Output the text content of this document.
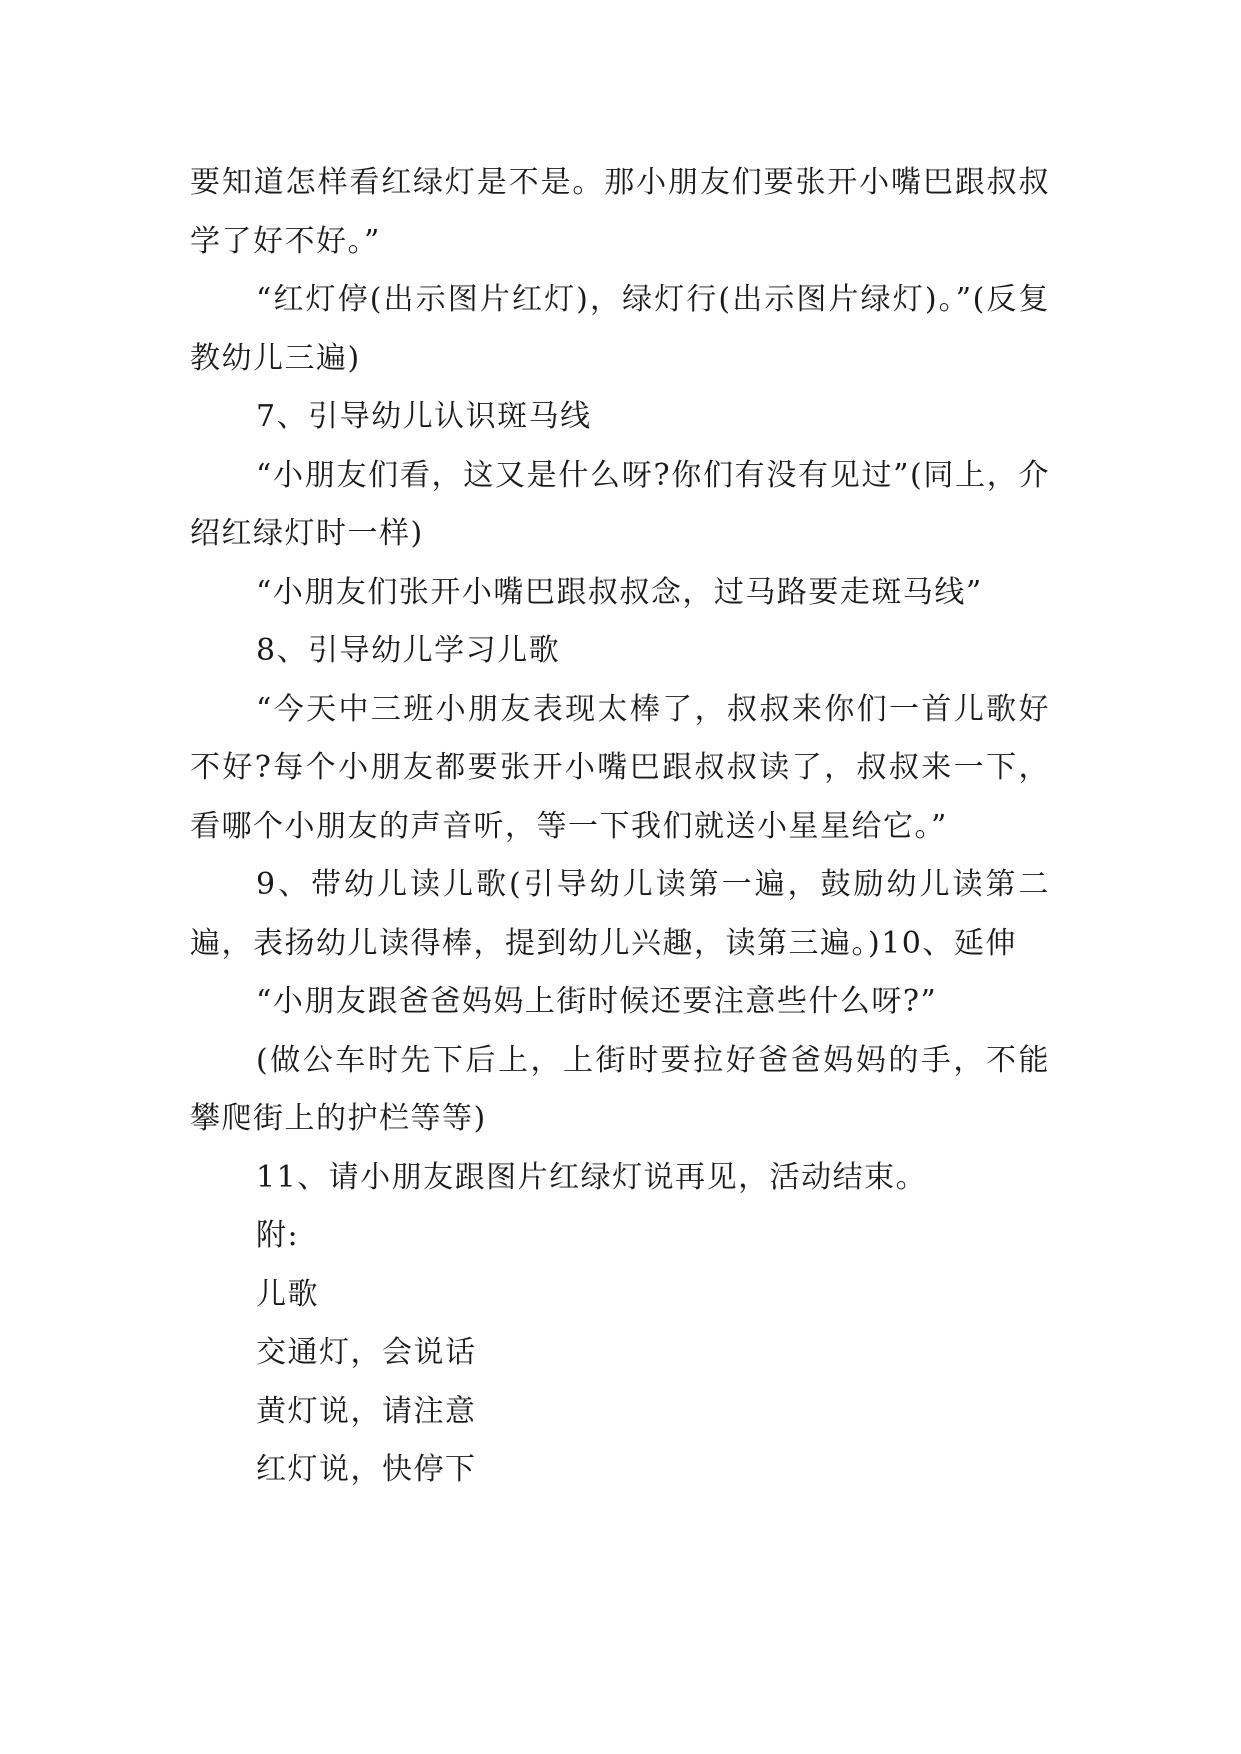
要知道怎样看红绿灯是不是。那小朋友们要张开小嘴巴跟叔叔学了好不好。”

“红灯停(出示图片红灯)，绿灯行(出示图片绿灯)。”(反复教幼儿三遍)

7、引导幼儿认识斑马线

“小朋友们看，这又是什么呀?你们有没有见过”(同上，介绍红绿灯时一样)

“小朋友们张开小嘴巴跟叔叔念，过马路要走斑马线”

8、引导幼儿学习儿歌

“今天中三班小朋友表现太棒了，叔叔来你们一首儿歌好不好?每个小朋友都要张开小嘴巴跟叔叔读了，叔叔来一下，看哪个小朋友的声音听，等一下我们就送小星星给它。”

9、带幼儿读儿歌(引导幼儿读第一遍，鼓励幼儿读第二遍，表扬幼儿读得棒，提到幼儿兴趣，读第三遍。)10、延伸

“小朋友跟爸爸妈妈上街时候还要注意些什么呀?”

(做公车时先下后上，上街时要拉好爸爸妈妈的手，不能攀爬街上的护栏等等)

11、请小朋友跟图片红绿灯说再见，活动结束。

附:

儿歌

交通灯，会说话

黄灯说，请注意

红灯说，快停下
